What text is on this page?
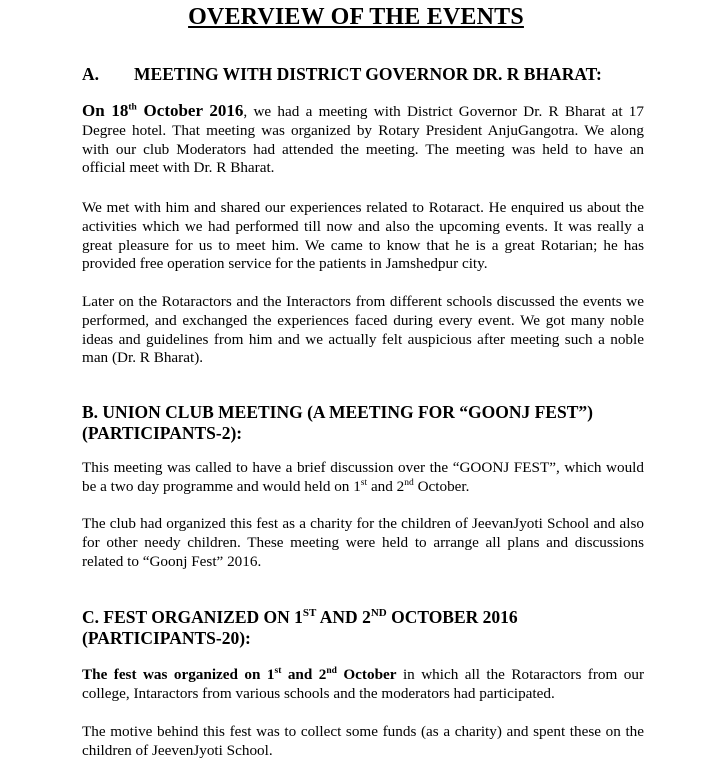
OVERVIEW OF THE EVENTS
A. MEETING WITH DISTRICT GOVERNOR DR. R BHARAT:
On 18th October 2016, we had a meeting with District Governor Dr. R Bharat at 17 Degree hotel. That meeting was organized by Rotary President AnjuGangotra. We along with our club Moderators had attended the meeting. The meeting was held to have an official meet with Dr. R Bharat.
We met with him and shared our experiences related to Rotaract. He enquired us about the activities which we had performed till now and also the upcoming events. It was really a great pleasure for us to meet him. We came to know that he is a great Rotarian; he has provided free operation service for the patients in Jamshedpur city.
Later on the Rotaractors and the Interactors from different schools discussed the events we performed, and exchanged the experiences faced during every event. We got many noble ideas and guidelines from him and we actually felt auspicious after meeting such a noble man (Dr. R Bharat).
B. UNION CLUB MEETING (A MEETING FOR “GOONJ FEST”)
(PARTICIPANTS-2):
This meeting was called to have a brief discussion over the “GOONJ FEST”, which would be a two day programme and would held on 1st and 2nd October.
The club had organized this fest as a charity for the children of JeevanJyoti School and also for other needy children. These meeting were held to arrange all plans and discussions related to “Goonj Fest” 2016.
C. FEST ORGANIZED ON 1ST AND 2ND OCTOBER 2016
(PARTICIPANTS-20):
The fest was organized on 1st and 2nd October in which all the Rotaractors from our college, Intaractors from various schools and the moderators had participated.
The motive behind this fest was to collect some funds (as a charity) and spent these on the children of JeevenJyoti School.
